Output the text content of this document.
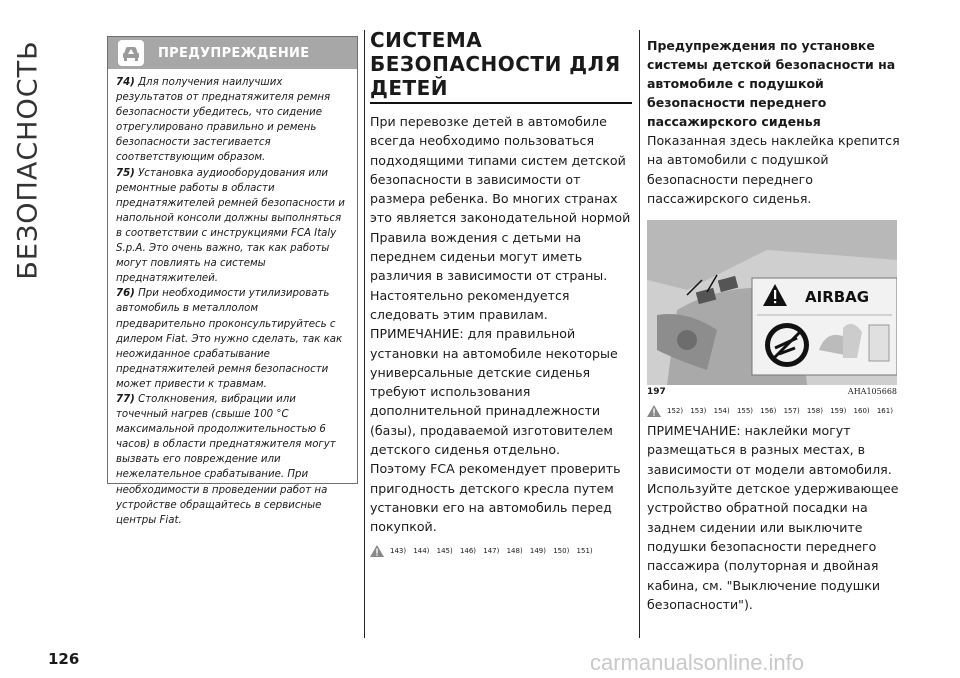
БЕЗОПАСНОСТЬ	ПРЕДУПРЕЖДЕНИЕ

74) Для получения наилучших результатов от преднатяжителя ремня безопасности убедитесь, что сидение отрегулировано правильно и ремень безопасности застегивается соответствующим образом.

75) Установка аудиооборудования или ремонтные работы в области преднатяжителей ремней безопасности и напольной консоли должны выполняться в соответствии с инструкциями FCA Italy S.p.A. Это очень важно, так как работы могут повлиять на системы преднатяжителей.

76) При необходимости утилизировать автомобиль в металлолом предварительно проконсультируйтесь с дилером Fiat. Это нужно сделать, так как неожиданное срабатывание преднатяжителей ремня безопасности может привести к травмам.

77) Столкновения, вибрации или точечный нагрев (свыше 100 °C максимальной продолжительностью 6 часов) в области преднатяжителя могут вызвать его повреждение или нежелательное срабатывание. При необходимости в проведении работ на устройстве обращайтесь в сервисные центры Fiat.

СИСТЕМА БЕЗОПАСНОСТИ ДЛЯ ДЕТЕЙ

При перевозке детей в автомобиле всегда необходимо пользоваться подходящими типами систем детской безопасности в зависимости от размера ребенка. Во многих странах это является законодательной нормой Правила вождения с детьми на переднем сиденьи могут иметь различия в зависимости от страны. Настоятельно рекомендуется следовать этим правилам.

ПРИМЕЧАНИЕ: для правильной установки на автомобиле некоторые универсальные детские сиденья требуют использования дополнительной принадлежности (базы), продаваемой изготовителем детского сиденья отдельно.

Поэтому FCA рекомендует проверить пригодность детского кресла путем установки его на автомобиль перед покупкой.

143) 144) 145) 146) 147) 148) 149) 150) 151)
Предупреждения по установке системы детской безопасности на автомобиле с подушкой безопасности переднего пассажирского сиденья
Показанная здесь наклейка крепится на автомобили с подушкой безопасности переднего пассажирского сиденья.
AIRBAG
197	AHA105668
152) 153) 154) 155) 156) 157) 158) 159) 160) 161)
ПРИМЕЧАНИЕ: наклейки могут размещаться в разных местах, в зависимости от модели автомобиля. Используйте детское удерживающее устройство обратной посадки на заднем сидении или выключите подушки безопасности переднего пассажира (полуторная и двойная кабина, см. "Выключение подушки безопасности").
126	carmanualsonline.info
